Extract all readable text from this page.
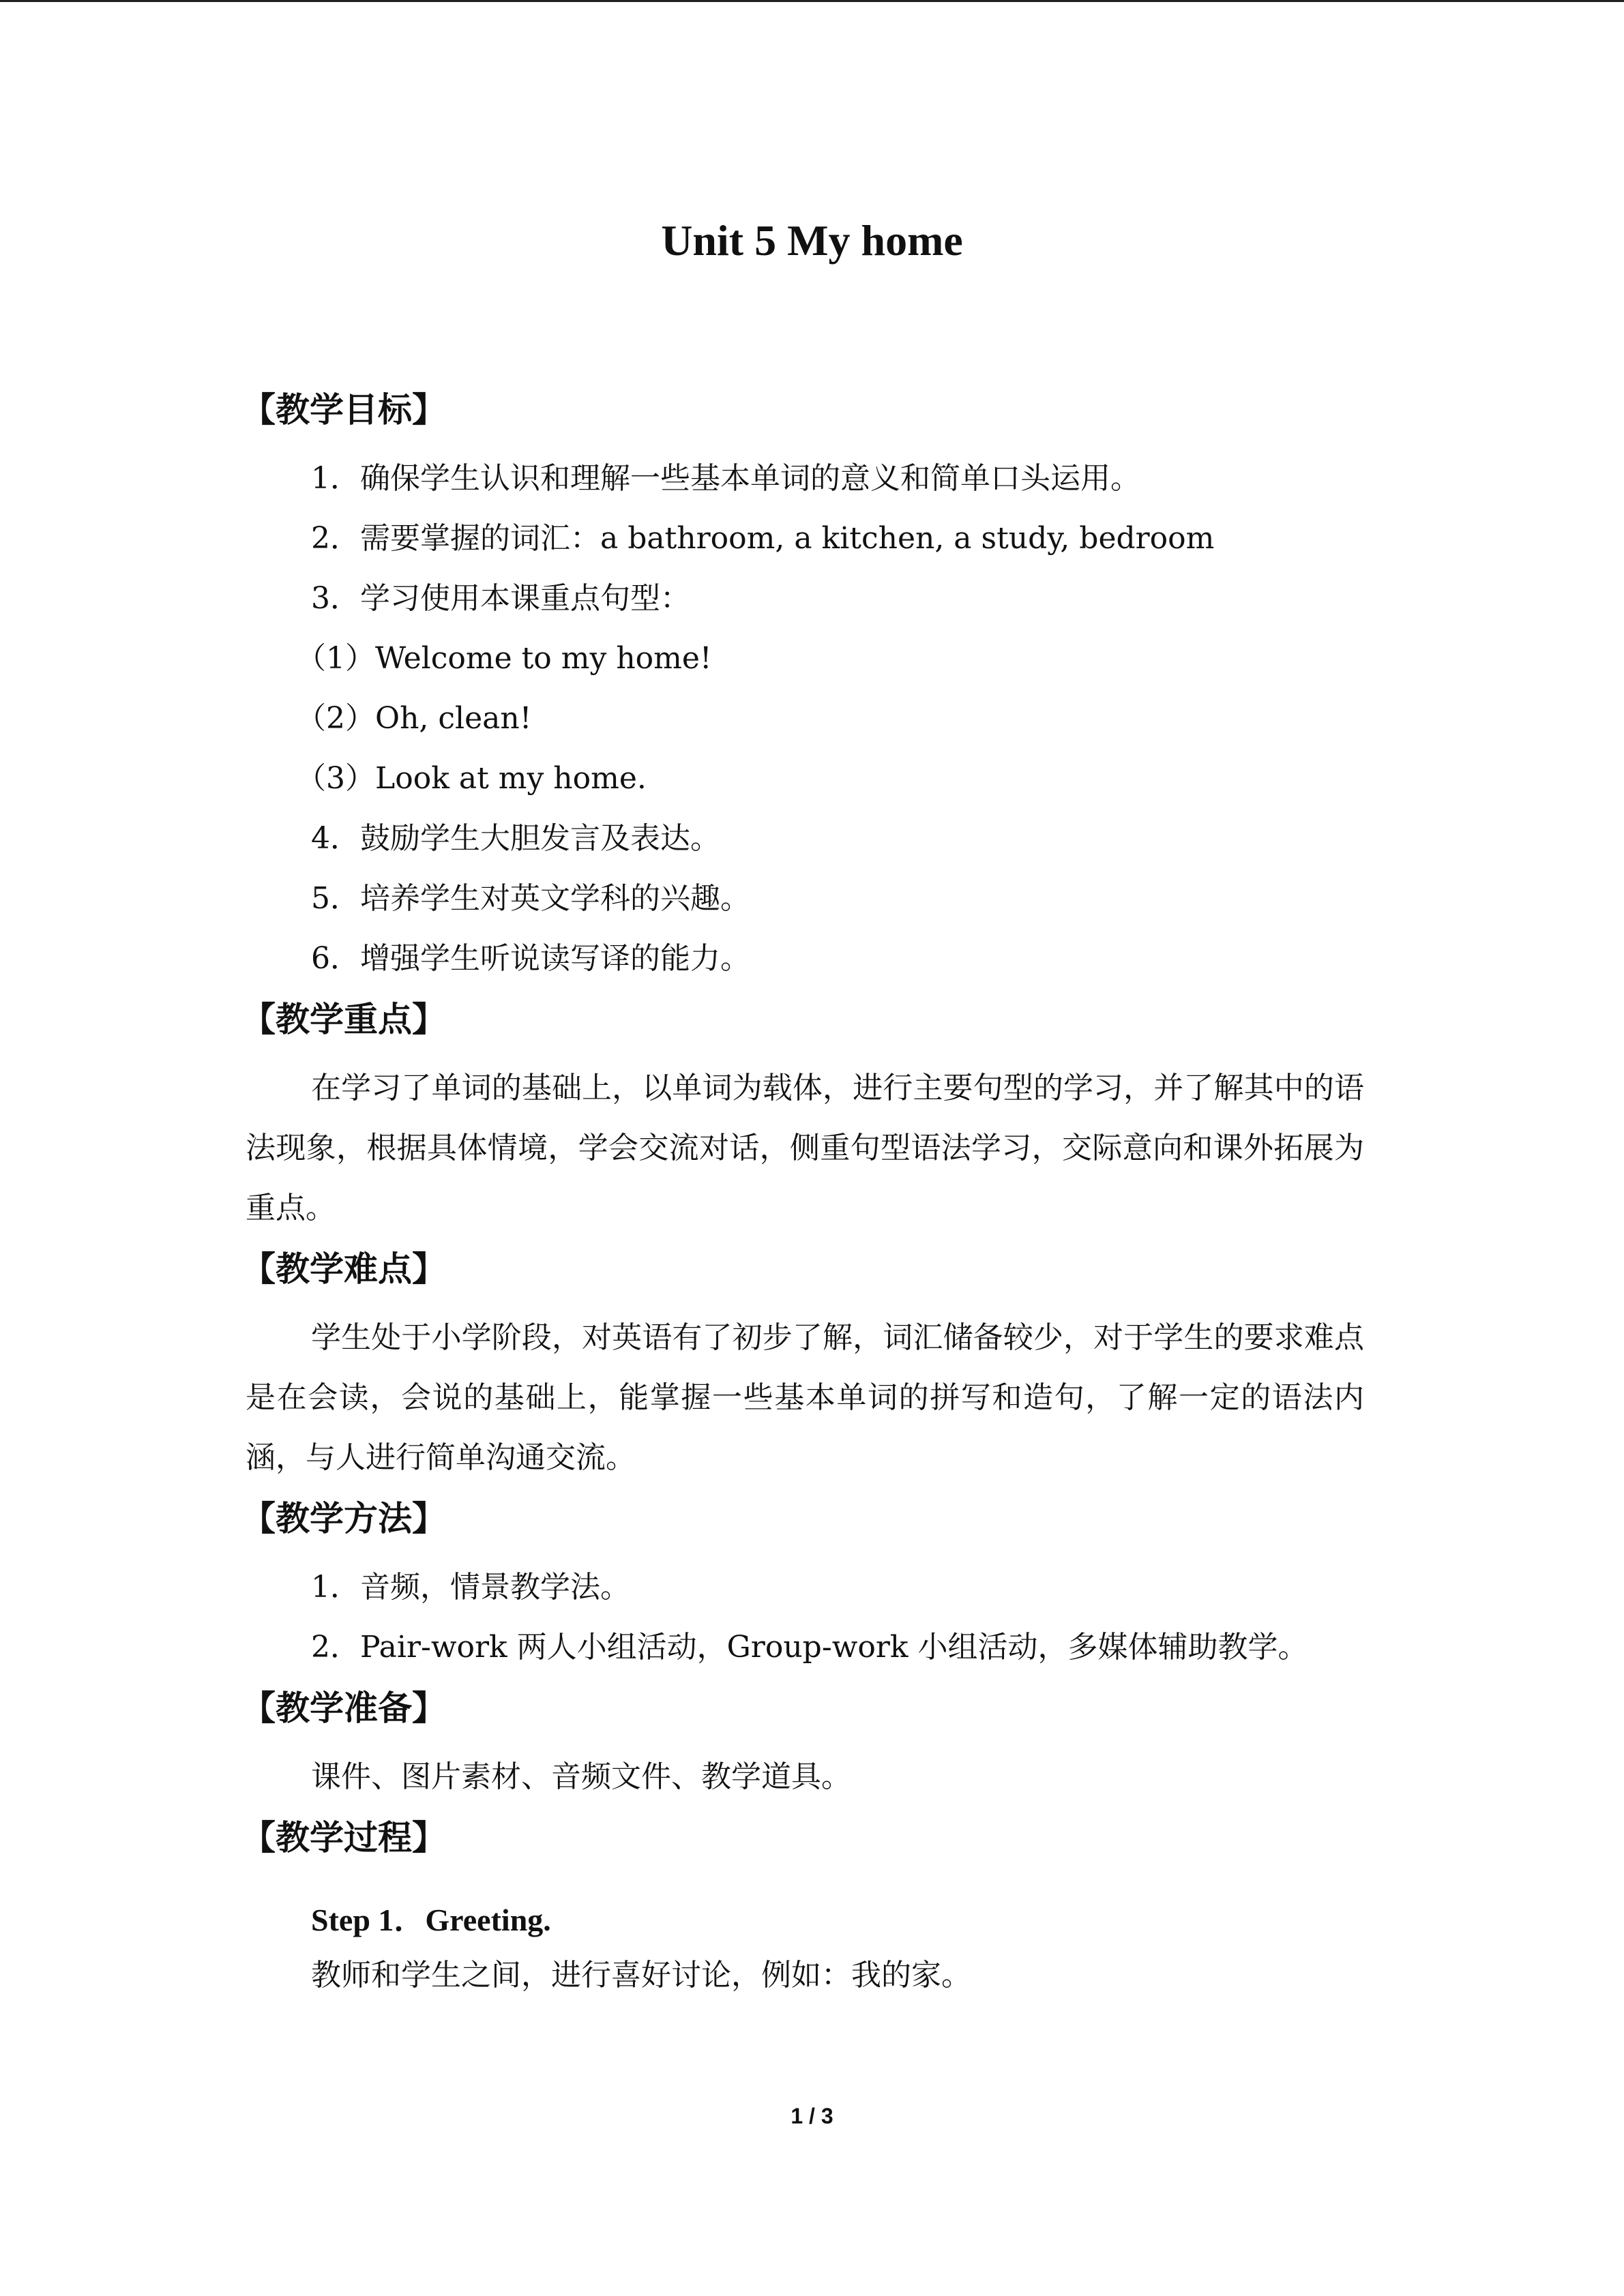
Unit 5 My home
【教学目标】

1．确保学生认识和理解一些基本单词的意义和简单口头运用。

2．需要掌握的词汇：a bathroom, a kitchen, a study, bedroom

3．学习使用本课重点句型：

（1）Welcome to my home!

（2）Oh, clean!

（3）Look at my home.

4．鼓励学生大胆发言及表达。

5．培养学生对英文学科的兴趣。

6．增强学生听说读写译的能力。

【教学重点】

在学习了单词的基础上，以单词为载体，进行主要句型的学习，并了解其中的语法现象，根据具体情境，学会交流对话，侧重句型语法学习，交际意向和课外拓展为重点。

【教学难点】

学生处于小学阶段，对英语有了初步了解，词汇储备较少，对于学生的要求难点是在会读，会说的基础上，能掌握一些基本单词的拼写和造句，了解一定的语法内涵，与人进行简单沟通交流。

【教学方法】

1．音频，情景教学法。

2．Pair-work 两人小组活动，Group-work 小组活动，多媒体辅助教学。

【教学准备】

课件、图片素材、音频文件、教学道具。

【教学过程】

Step 1．Greeting.

教师和学生之间，进行喜好讨论，例如：我的家。

1 / 3
